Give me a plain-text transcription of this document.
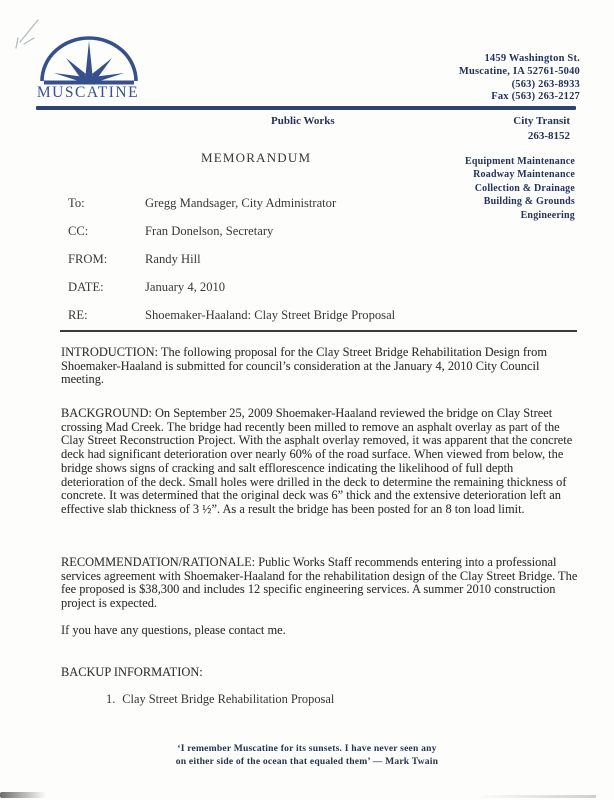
MUSCATINE
1459 Washington St.
Muscatine, IA 52761-5040
(563) 263-8933
Fax (563) 263-2127
Public Works	City Transit
263-8152
Equipment Maintenance
Roadway Maintenance
Collection & Drainage
Building & Grounds
Engineering
MEMORANDUM
To:	Gregg Mandsager, City Administrator
CC:	Fran Donelson, Secretary
FROM:	Randy Hill
DATE:	January 4, 2010
RE:	Shoemaker-Haaland: Clay Street Bridge Proposal
INTRODUCTION: The following proposal for the Clay Street Bridge Rehabilitation Design from Shoemaker-Haaland is submitted for council’s consideration at the January 4, 2010 City Council meeting.
BACKGROUND: On September 25, 2009 Shoemaker-Haaland reviewed the bridge on Clay Street crossing Mad Creek. The bridge had recently been milled to remove an asphalt overlay as part of the Clay Street Reconstruction Project. With the asphalt overlay removed, it was apparent that the concrete deck had significant deterioration over nearly 60% of the road surface. When viewed from below, the bridge shows signs of cracking and salt efflorescence indicating the likelihood of full depth deterioration of the deck. Small holes were drilled in the deck to determine the remaining thickness of concrete. It was determined that the original deck was 6” thick and the extensive deterioration left an effective slab thickness of 3 ½”. As a result the bridge has been posted for an 8 ton load limit.
RECOMMENDATION/RATIONALE: Public Works Staff recommends entering into a professional services agreement with Shoemaker-Haaland for the rehabilitation design of the Clay Street Bridge. The fee proposed is $38,300 and includes 12 specific engineering services. A summer 2010 construction project is expected.
If you have any questions, please contact me.
BACKUP INFORMATION:
1. Clay Street Bridge Rehabilitation Proposal
‘I remember Muscatine for its sunsets. I have never seen any
on either side of the ocean that equaled them’ — Mark Twain
